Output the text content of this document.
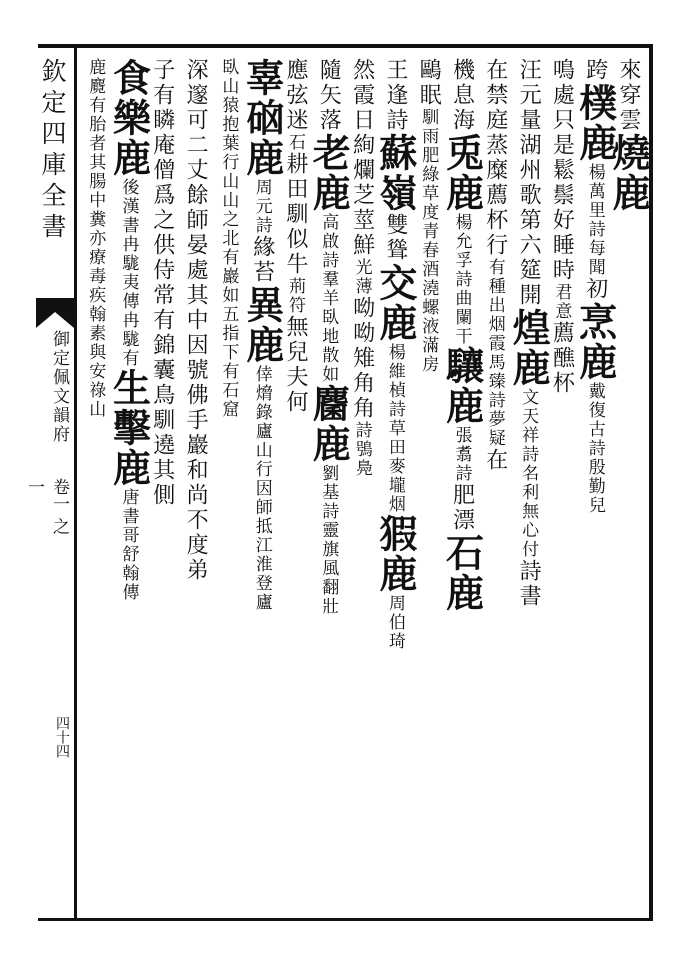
欽定四庫全書
御定佩文韻府
卷一 之一
四十四
來穿雲燒鹿
跨樸鹿楊萬里詩每聞初烹鹿戴復古詩殷勤兒
鳴處只是鬆鬃好睡時君意薦醮杯
汪元量湖州歌第六筵開煌鹿文天祥詩名利無心付詩書
在禁庭蒸糜薦杯行有種出烟霞馬臻詩夢疑在
機息海兎鹿楊允孚詩曲闌干驤鹿張翥詩肥漂石鹿
鷗眠馴雨肥綠草度青春酒澆螺液滿房
王逢詩蘇嶺雙聳交鹿楊維楨詩草田麥壠烟猳鹿周伯琦
然霞日絢爛芝莖鮮光薄呦呦雉角角詩鴞鳧
隨矢落老鹿高啟詩羣羊臥地散如麕鹿劉基詩靈旗風翻壯
應弦迷石耕田馴似牛荊符無兒夫何
辜硇鹿周元詩緣苔異鹿倖熁錄廬山行因師抵江淮登廬
臥山猿抱葉行山山之北有巖如五指下有石窟
深邃可二丈餘師晏處其中因號佛手巖和尚不度弟
子有瞵庵僧爲之供侍常有錦囊鳥馴遶其側
食樂鹿後漢書冉駹夷傳冉駹有生擊鹿唐書哥舒翰傳
鹿麑有胎者其腸中糞亦療毒疾翰素與安祿山
